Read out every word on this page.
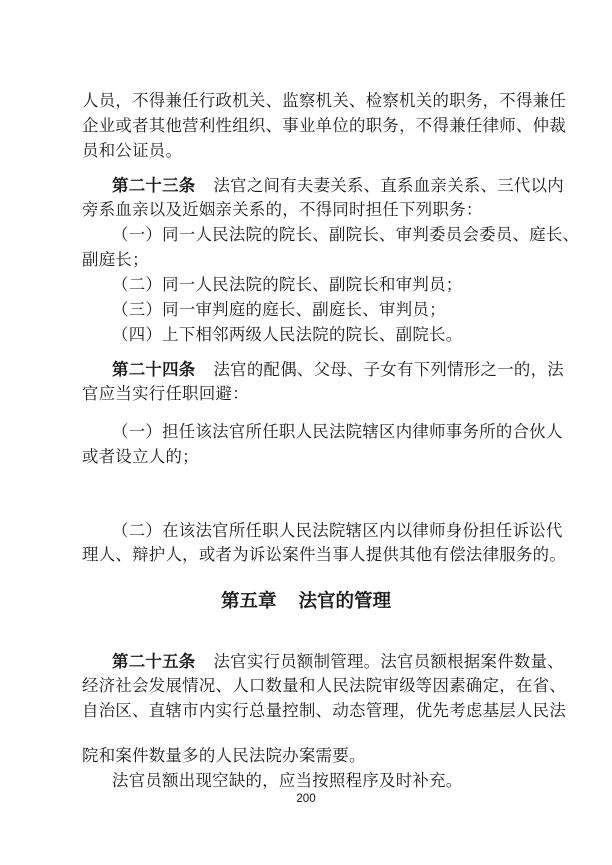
人员，不得兼任行政机关、监察机关、检察机关的职务，不得兼任
企业或者其他营利性组织、事业单位的职务，不得兼任律师、仲裁
员和公证员。
第二十三条 法官之间有夫妻关系、直系血亲关系、三代以内
旁系血亲以及近姻亲关系的，不得同时担任下列职务：
（一）同一人民法院的院长、副院长、审判委员会委员、庭长、
副庭长；
（二）同一人民法院的院长、副院长和审判员；
（三）同一审判庭的庭长、副庭长、审判员；
（四）上下相邻两级人民法院的院长、副院长。
第二十四条 法官的配偶、父母、子女有下列情形之一的，法
官应当实行任职回避：
（一）担任该法官所任职人民法院辖区内律师事务所的合伙人
或者设立人的；
第五章 法官的管理
第二十五条 法官实行员额制管理。法官员额根据案件数量、
经济社会发展情况、人口数量和人民法院审级等因素确定，在省、
自治区、直辖市内实行总量控制、动态管理，优先考虑基层人民法
200
（二）在该法官所任职人民法院辖区内以律师身份担任诉讼代
理人、辩护人，或者为诉讼案件当事人提供其他有偿法律服务的。
院和案件数量多的人民法院办案需要。
法官员额出现空缺的，应当按照程序及时补充。
